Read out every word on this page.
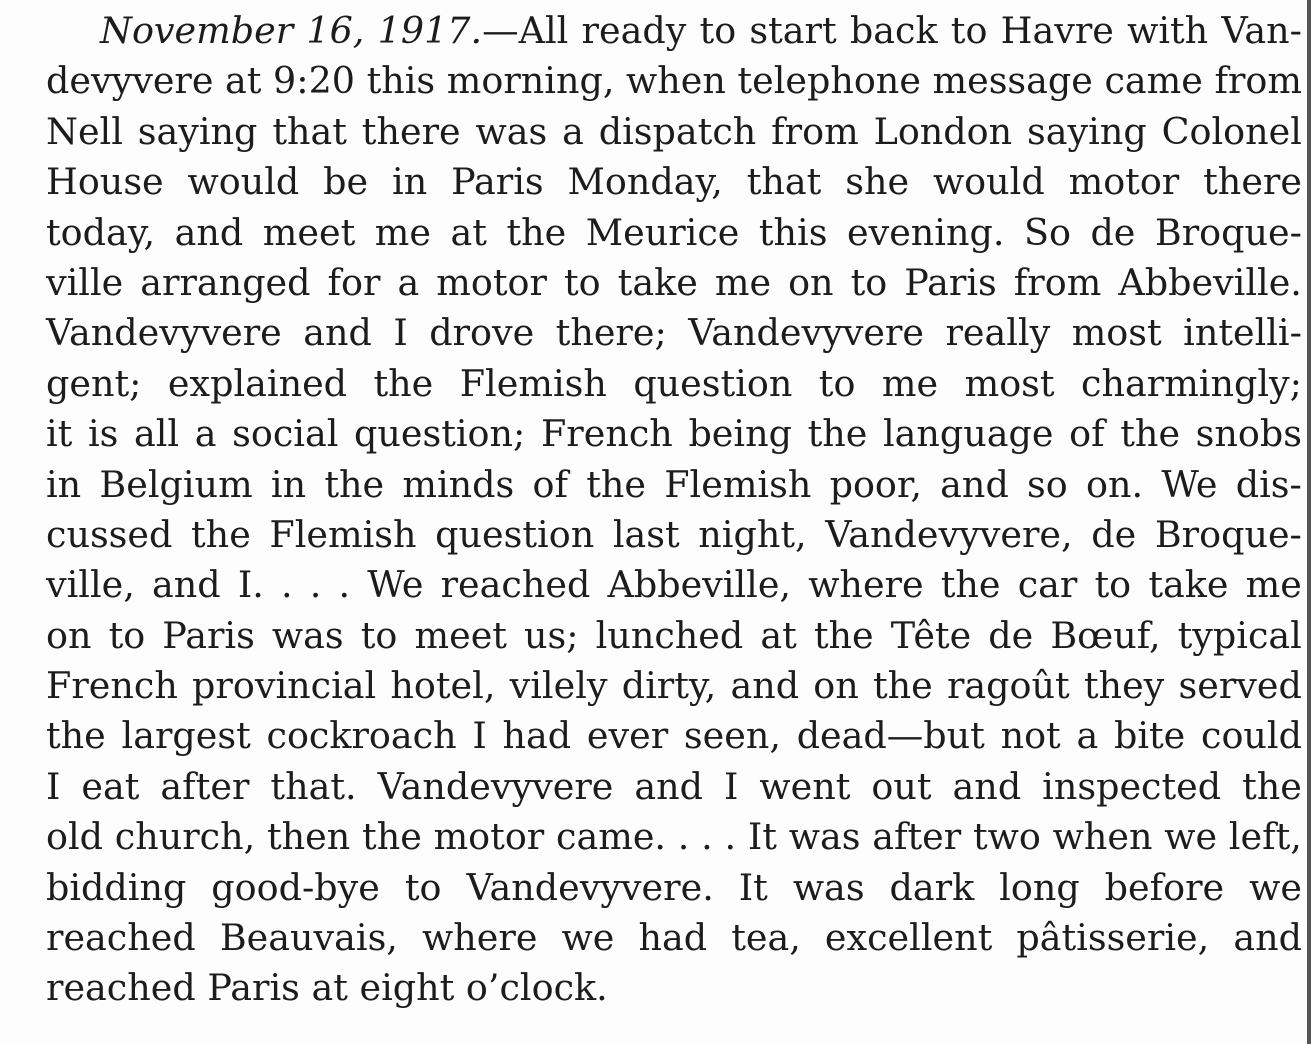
November 16, 1917.—All ready to start back to Havre with Van-
devyvere at 9:20 this morning, when telephone message came from
Nell saying that there was a dispatch from London saying Colonel
House would be in Paris Monday, that she would motor there
today, and meet me at the Meurice this evening. So de Broque-
ville arranged for a motor to take me on to Paris from Abbeville.
Vandevyvere and I drove there; Vandevyvere really most intelli-
gent; explained the Flemish question to me most charmingly;
it is all a social question; French being the language of the snobs
in Belgium in the minds of the Flemish poor, and so on. We dis-
cussed the Flemish question last night, Vandevyvere, de Broque-
ville, and I. . . . We reached Abbeville, where the car to take me
on to Paris was to meet us; lunched at the Tête de Bœuf, typical
French provincial hotel, vilely dirty, and on the ragoût they served
the largest cockroach I had ever seen, dead—but not a bite could
I eat after that. Vandevyvere and I went out and inspected the
old church, then the motor came. . . . It was after two when we left,
bidding good-bye to Vandevyvere. It was dark long before we
reached Beauvais, where we had tea, excellent pâtisserie, and
reached Paris at eight o’clock.
